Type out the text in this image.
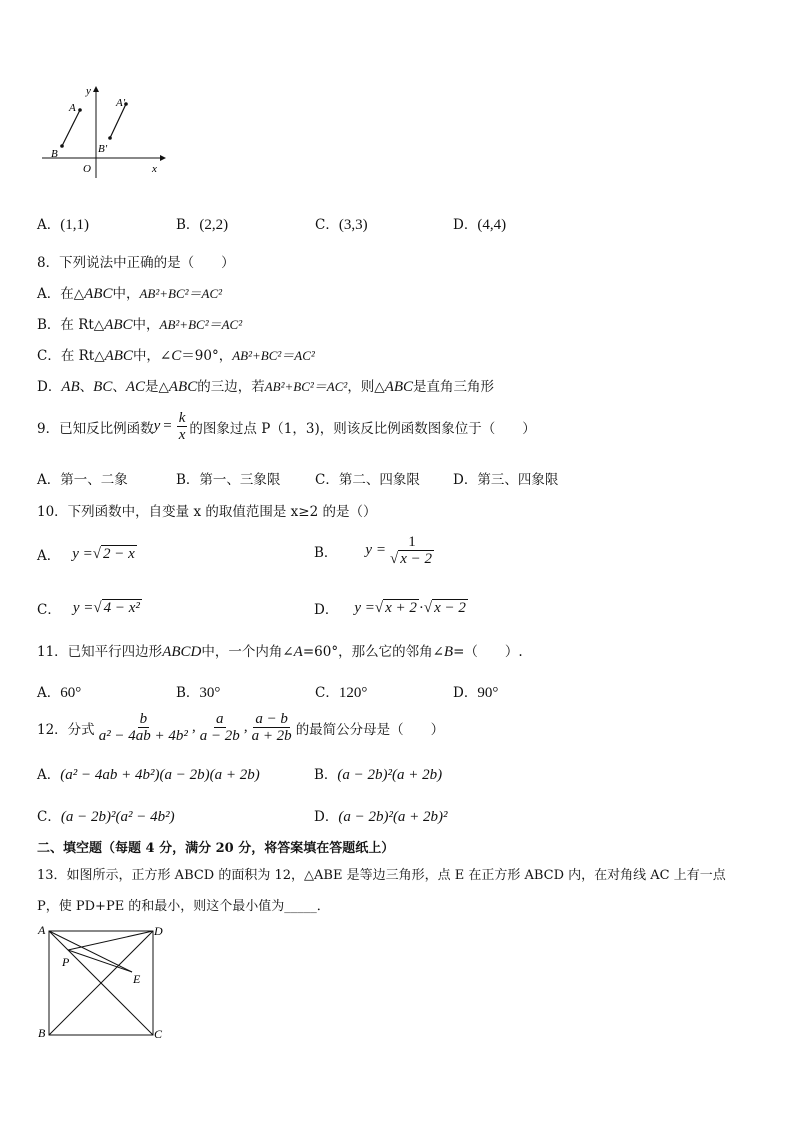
y
x
O
A
B
A'
B'
A．(1,1)	B．(2,2)	C．(3,3)	D．(4,4)
8．下列说法中正确的是（　　）
A．在△ABC中，AB²+BC²＝AC²
B．在 Rt△ABC中，AB²+BC²＝AC²
C．在 Rt△ABC中，∠C＝90°，AB²+BC²＝AC²
D．AB、BC、AC是△ABC的三边，若AB²+BC²＝AC²，则△ABC是直角三角形
9．已知反比例函数 $y = \frac{k}{x}$ 的图象过点 P（1，3)，则该反比例函数图象位于（　　）
A．第一、二象	B．第一、三象限	C．第二、四象限 D．第三、四象限
10．下列函数中，自变量 x 的取值范围是 x≥2 的是（）
A． y = √ 2 − x	B． $y = \frac{1}{√ x - 2}$
C． y = √ 4 − x²	D． y = √ x + 2 · √ x − 2
11．已知平行四边形ABCD中，一个内角∠A=60°，那么它的邻角∠B=（　　）.
A．60°	B．30°	C．120°	D．90°
12．分式 $\frac{b}{\text{a² − 4ab + 4b²}}$ , $\frac{a}{a - 2b}$ , $\frac{a - b}{a + 2b}$ 的最简公分母是（　　）
A．(a² − 4ab + 4b²)(a − 2b)(a + 2b)	B．(a − 2b)²(a + 2b)
C．(a − 2b)²(a² − 4b²)	D．(a − 2b)²(a + 2b)²
二、填空题（每题 4 分，满分 20 分，将答案填在答题纸上）
13．如图所示，正方形 ABCD 的面积为 12，△ABE 是等边三角形，点 E 在正方形 ABCD 内，在对角线 AC 上有一点
P，使 PD+PE 的和最小，则这个最小值为_____．
A
B	C
D
E
P
